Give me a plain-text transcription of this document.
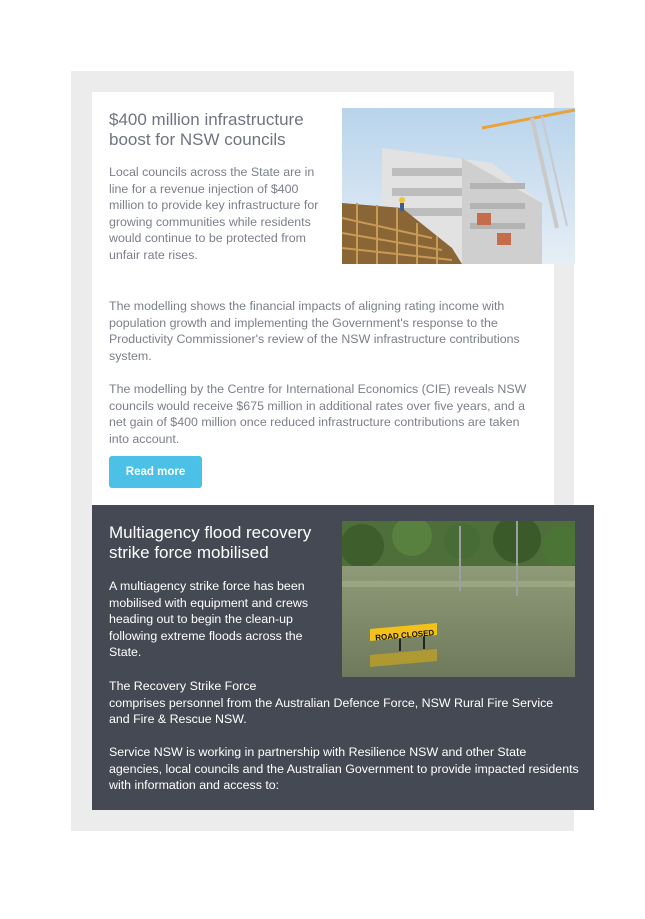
$400 million infrastructure boost for NSW councils

Local councils across the State are in line for a revenue injection of $400 million to provide key infrastructure for growing communities while residents would continue to be protected from unfair rate rises.

The modelling shows the financial impacts of aligning rating income with population growth and implementing the Government's response to the Productivity Commissioner's review of the NSW infrastructure contributions system.

The modelling by the Centre for International Economics (CIE) reveals NSW
councils would receive $675 million in additional rates over five years, and a
net gain of $400 million once reduced infrastructure contributions are taken
into account.

Read more
Multiagency flood recovery strike force mobilised
ROAD CLOSED

A multiagency strike force has been mobilised with equipment and crews heading out to begin the clean-up following extreme floods across the State.

The Recovery Strike Force
comprises personnel from the Australian Defence Force, NSW Rural Fire Service and Fire & Rescue NSW.

Service NSW is working in partnership with Resilience NSW and other State agencies, local councils and the Australian Government to provide impacted residents with information and access to:
